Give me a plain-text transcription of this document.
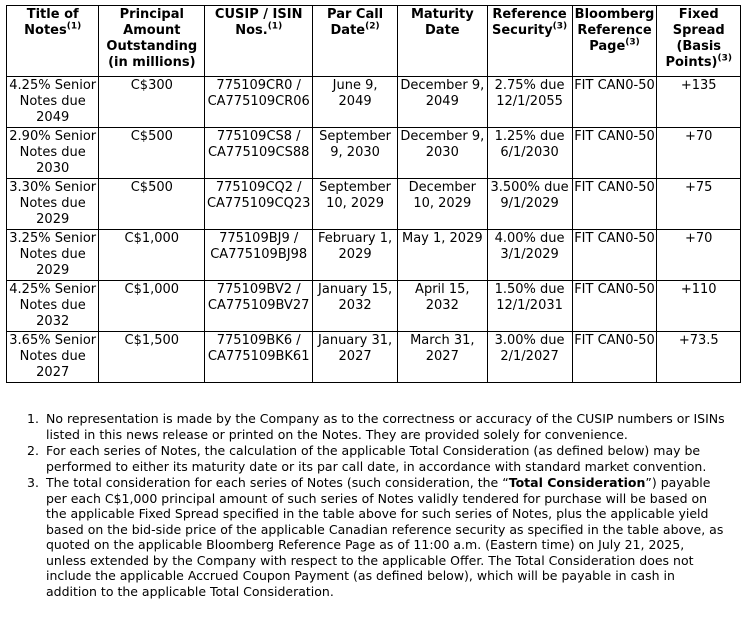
Title of Notes$^{(1)}$	Principal Amount Outstanding (in millions)	CUSIP / ISIN Nos.$^{(1)}$	Par Call Date$^{(2)}$	Maturity Date	Reference Security$^{(3)}$	Bloomberg Reference Page$^{(3)}$	Fixed Spread (Basis Points)$^{(3)}$
4.25% Senior Notes due 2049	C$300	775109CR0 / CA775109CR06	June 9, 2049	December 9, 2049	2.75% due 12/1/2055	FIT CAN0-50	+135
2.90% Senior Notes due 2030	C$500	775109CS8 / CA775109CS88	September 9, 2030	December 9, 2030	1.25% due 6/1/2030	FIT CAN0-50	+70
3.30% Senior Notes due 2029	C$500	775109CQ2 / CA775109CQ23	September 10, 2029	December 10, 2029	3.500% due 9/1/2029	FIT CAN0-50	+75
3.25% Senior Notes due 2029	C$1,000	775109BJ9 / CA775109BJ98	February 1, 2029	May 1, 2029	4.00% due 3/1/2029	FIT CAN0-50	+70
4.25% Senior Notes due 2032	C$1,000	775109BV2 / CA775109BV27	January 15, 2032	April 15, 2032	1.50% due 12/1/2031	FIT CAN0-50	+110
3.65% Senior Notes due 2027	C$1,500	775109BK6 / CA775109BK61	January 31, 2027	March 31, 2027	3.00% due 2/1/2027	FIT CAN0-50	+73.5
1. No representation is made by the Company as to the correctness or accuracy of the CUSIP numbers or ISINs listed in this news release or printed on the Notes. They are provided solely for convenience.
2. For each series of Notes, the calculation of the applicable Total Consideration (as defined below) may be performed to either its maturity date or its par call date, in accordance with standard market convention.
3. The total consideration for each series of Notes (such consideration, the “Total Consideration”) payable per each C$1,000 principal amount of such series of Notes validly tendered for purchase will be based on the applicable Fixed Spread specified in the table above for such series of Notes, plus the applicable yield based on the bid-side price of the applicable Canadian reference security as specified in the table above, as quoted on the applicable Bloomberg Reference Page as of 11:00 a.m. (Eastern time) on July 21, 2025, unless extended by the Company with respect to the applicable Offer. The Total Consideration does not include the applicable Accrued Coupon Payment (as defined below), which will be payable in cash in addition to the applicable Total Consideration.
